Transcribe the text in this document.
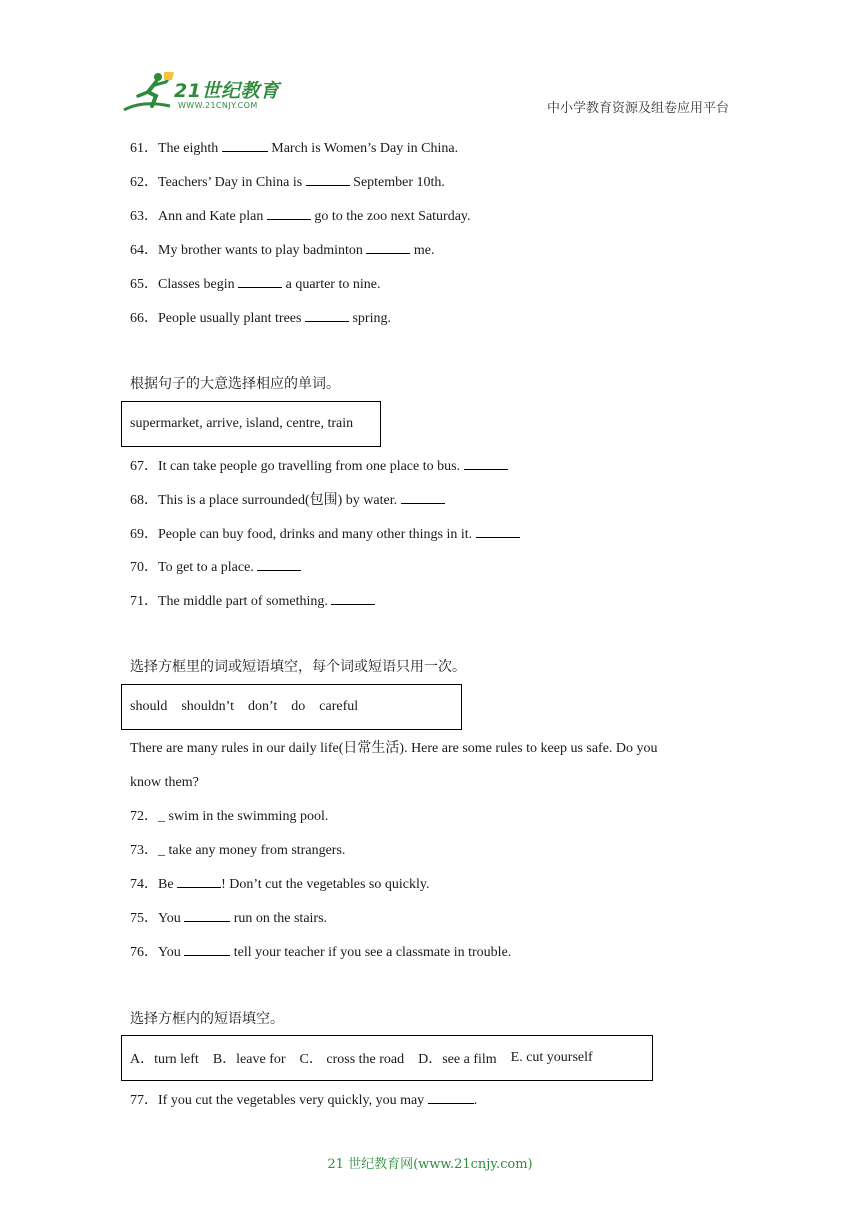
21世纪教育
WWW.21CNJY.COM	中小学教育资源及组卷应用平台
61．The eighth	March is Women’s Day in China.
62．Teachers’ Day in China is	September 10th.
63．Ann and Kate plan	go to the zoo next Saturday.
64．My brother wants to play badminton	me.
65．Classes begin	a quarter to nine.
66．People usually plant trees	spring.
根据句子的大意选择相应的单词。
supermarket, arrive, island, centre, train
67．It can take people go travelling from one place to bus.
68．This is a place surrounded(包围) by water.
69．People can buy food, drinks and many other things in it.
70．To get to a place.
71．The middle part of something.
选择方框里的词或短语填空，每个词或短语只用一次。
should shouldn’t don’t do careful
There are many rules in our daily life(日常生活). Here are some rules to keep us safe. Do you
know them?
72．_ swim in the swimming pool.
73．_ take any money from strangers.
74．Be	! Don’t cut the vegetables so quickly.
75．You	run on the stairs.
76．You	tell your teacher if you see a classmate in trouble.
选择方框内的短语填空。
A．turn left B．leave for C． cross the road D．see a film E. cut yourself
77．If you cut the vegetables very quickly, you may	.
21 世纪教育网(www.21cnjy.com)
